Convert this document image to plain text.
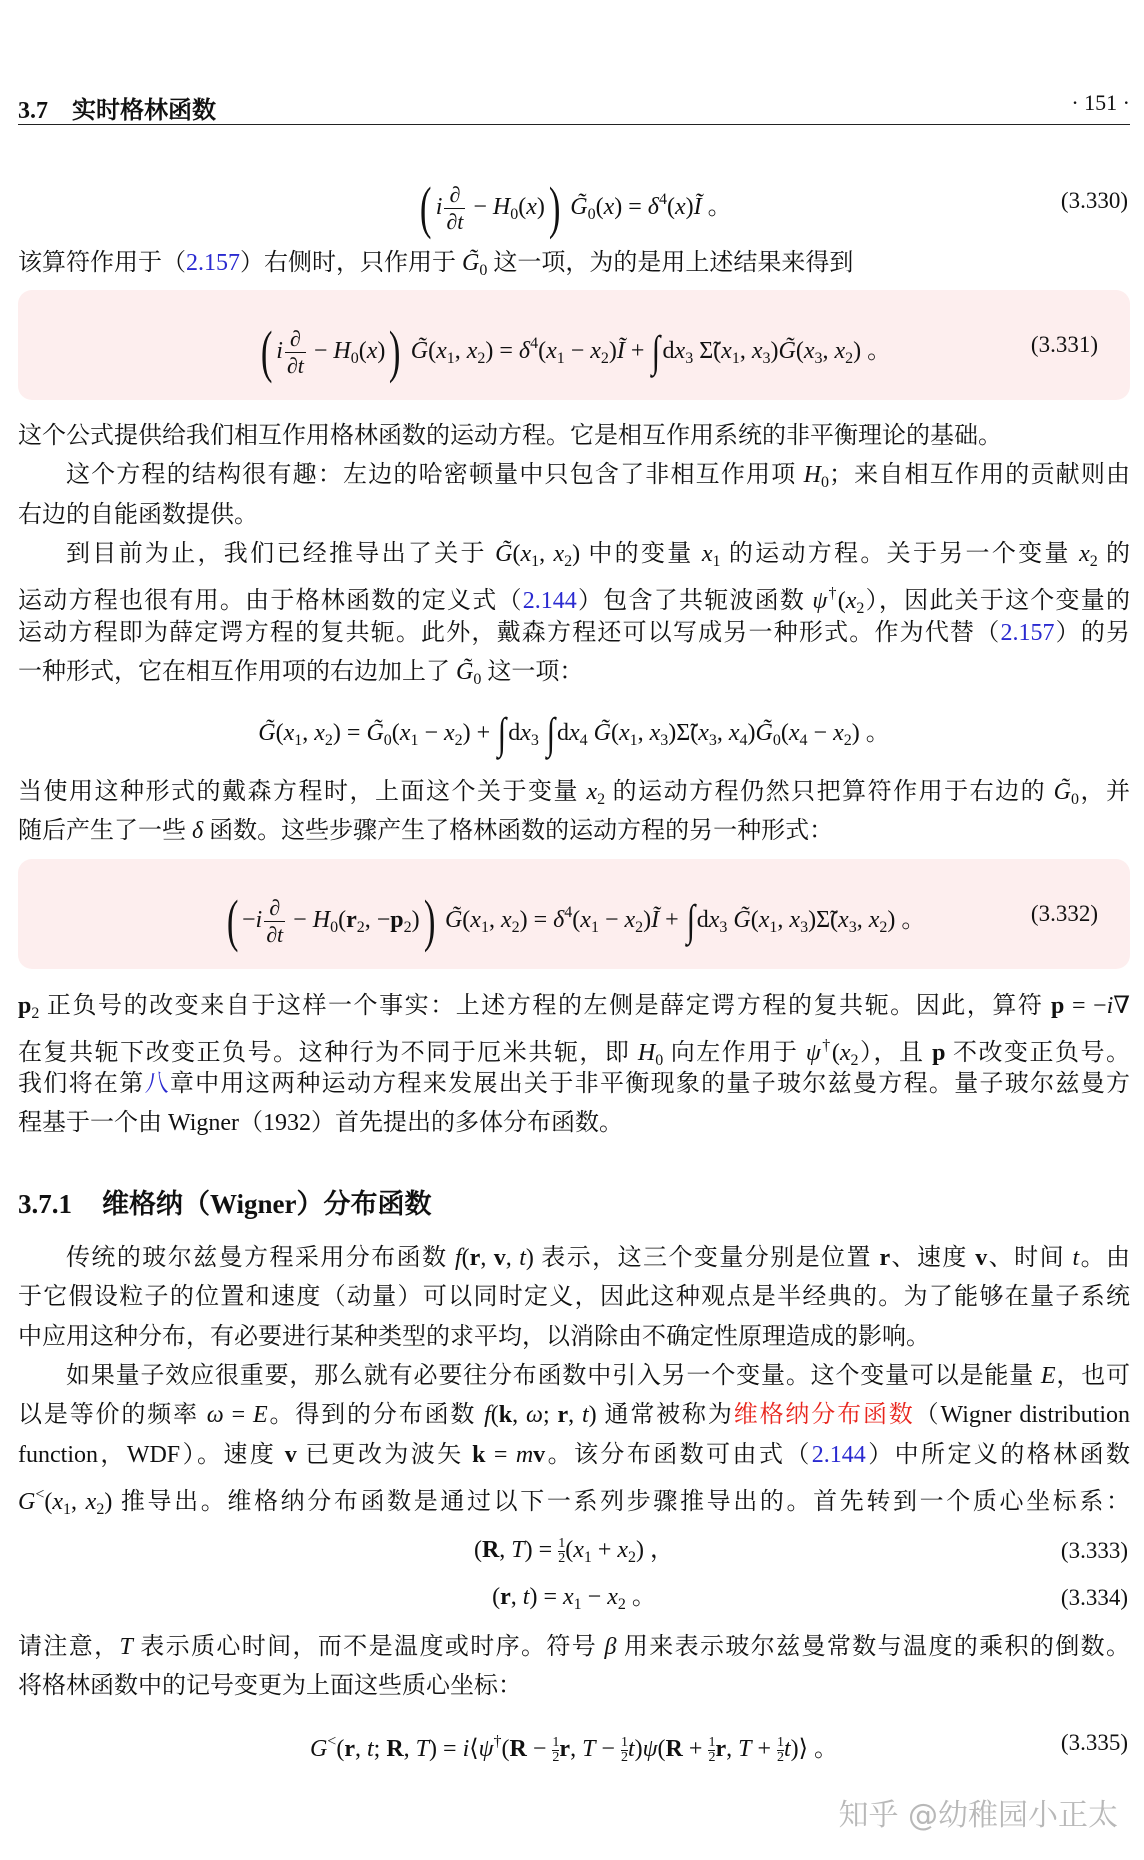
3.7　实时格林函数	· 151 ·
该算符作用于（2.157）右侧时，只作用于 $G̃_0$ 这一项，为的是用上述结果来得到
这个公式提供给我们相互作用格林函数的运动方程。它是相互作用系统的非平衡理论的基础。
这个方程的结构很有趣：左边的哈密顿量中只包含了非相互作用项 $H_0$；来自相互作用的贡献则由
右边的自能函数提供。
到目前为止，我们已经推导出了关于 $G̃(x_1$, $x_2$) 中的变量 $x_1$ 的运动方程。关于另一个变量 $x_2$ 的
运动方程也很有用。由于格林函数的定义式（2.144）包含了共轭波函数 $\psi^\dagger(x_2)$，因此关于这个变量的
运动方程即为薛定谔方程的复共轭。此外，戴森方程还可以写成另一种形式。作为代替（2.157）的另
一种形式，它在相互作用项的右边加上了 $G̃_0$ 这一项：
当使用这种形式的戴森方程时，上面这个关于变量 $x_2$ 的运动方程仍然只把算符作用于右边的 $G̃_0$，并
随后产生了一些 δ 函数。这些步骤产生了格林函数的运动方程的另一种形式：
$p_2$ 正负号的改变来自于这样一个事实：上述方程的左侧是薛定谔方程的复共轭。因此，算符 p = −i∇
在复共轭下改变正负号。这种行为不同于厄米共轭，即 $H_0$ 向左作用于 $\psi^\dagger(x_2)$，且 p 不改变正负号。
我们将在第八章中用这两种运动方程来发展出关于非平衡现象的量子玻尔兹曼方程。量子玻尔兹曼方
程基于一个由 Wigner（1932）首先提出的多体分布函数。
传统的玻尔兹曼方程采用分布函数 f(r, v, t) 表示，这三个变量分别是位置 r、速度 v、时间 t。由
于它假设粒子的位置和速度（动量）可以同时定义，因此这种观点是半经典的。为了能够在量子系统
中应用这种分布，有必要进行某种类型的求平均，以消除由不确定性原理造成的影响。
如果量子效应很重要，那么就有必要往分布函数中引入另一个变量。这个变量可以是能量 E，也可
以是等价的频率 ω = E。得到的分布函数 f(k, ω; r, t) 通常被称为维格纳分布函数（Wigner distribution
function，WDF）。速度 v 已更改为波矢 k = mv。该分布函数可由式（2.144）中所定义的格林函数
$G^<(x_1$, $x_2$) 推导出。维格纳分布函数是通过以下一系列步骤推导出的。首先转到一个质心坐标系：
请注意，T 表示质心时间，而不是温度或时序。符号 β 用来表示玻尔兹曼常数与温度的乘积的倒数。
将格林函数中的记号变更为上面这些质心坐标：
( i $\frac{\partial}{\partial t} - H_0(x)$) $G̃_0(x)$ = $\delta^4(x)Ĩ$ 。	(3.330)
( i $\frac{\partial}{\partial t} - H_0(x)$) $G̃(x_1$, $x_2) = \delta^4(x_1$ − $x_2)Ĩ + \int dx_3$ $\Sigmã(x_1$, $x_3)G̃(x_3$, $x_2$) 。	(3.331)
$G̃(x_1$, $x_2$) = $G̃_0(x_1 - x_2) + \int dx_3$ $\int dx_4$ $G̃(x_1$, $x_3)\Sigmã(x_3$, $x_4)G̃_0(x_4 - x_2)$ 。
( $-i \frac{\partial}{\partial t} - H_0(r_2$, $-p_2$)) $G̃(x_1$, $x_2) = \delta^4(x_1$ − $x_2)Ĩ + \int dx_3$ $G̃(x_1$, $x_3)\Sigmã(x_3$, $x_2$) 。	(3.332)
(R, $T) = \frac{1}{2} (x_1 + x_2)$ ，	(3.333)
(r, $t) = x_1 - x_2$ 。	(3.334)
G<(r, t; R, T) = i⟨ψ†(R − $\frac{1}{2} r$, $T - \frac{1}{2} t)\psi(R + \frac{1}{2} r$, $T + \frac{1}{2}$ t)⟩ 。	(3.335)
3.7.1 维格纳（Wigner）分布函数
知乎 @幼稚园小正太
